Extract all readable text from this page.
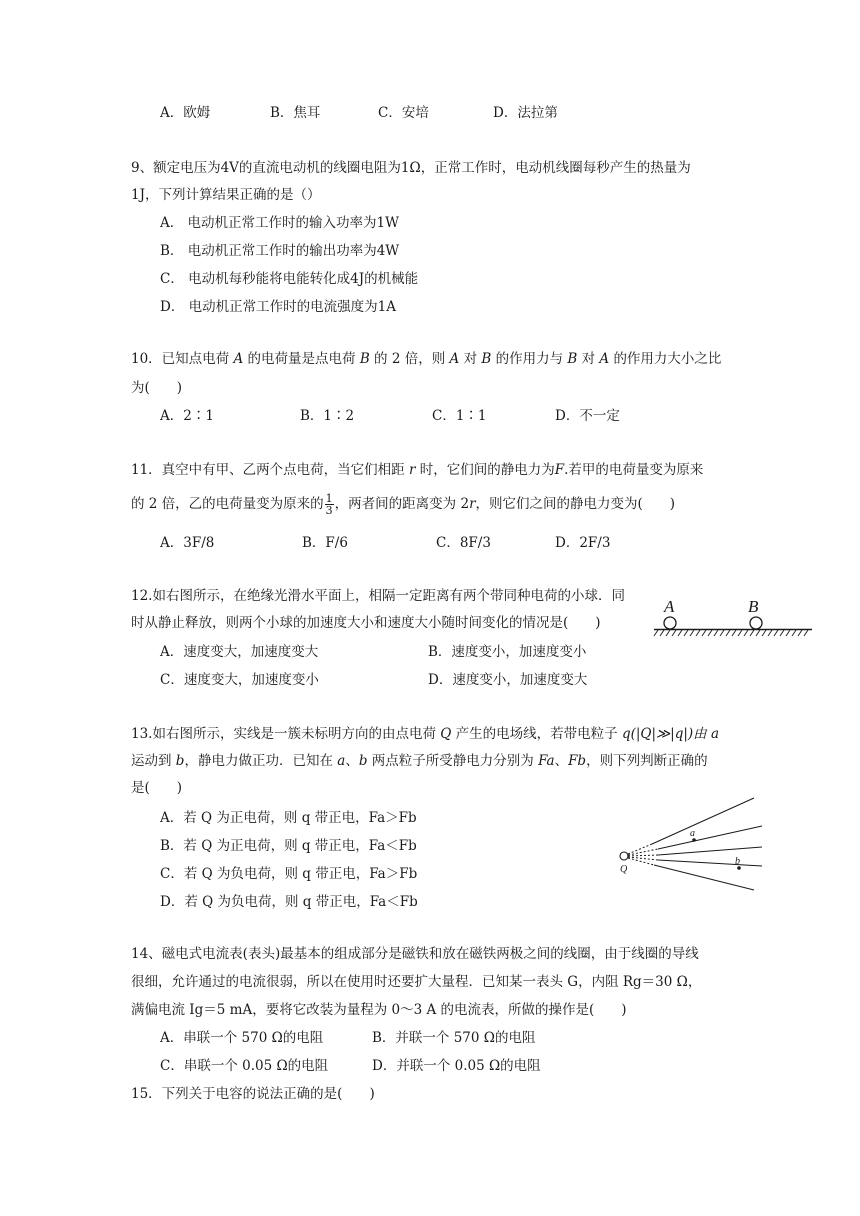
A．欧姆	B．焦耳	C．安培	D．法拉第
9、额定电压为4V的直流电动机的线圈电阻为1Ω，正常工作时，电动机线圈每秒产生的热量为
1J，下列计算结果正确的是（）
A． 电动机正常工作时的输入功率为1W
B． 电动机正常工作时的输出功率为4W
C． 电动机每秒能将电能转化成4J的机械能
D． 电动机正常工作时的电流强度为1A
10．已知点电荷 A 的电荷量是点电荷 B 的 2 倍，则 A 对 B 的作用力与 B 对 A 的作用力大小之比
为(　　)
A．2∶1	B．1∶2	C．1∶1	D．不一定
11．真空中有甲、乙两个点电荷，当它们相距 r 时，它们间的静电力为F.若甲的电荷量变为原来
的 2 倍，乙的电荷量变为原来的 $\frac{1}{3}$ ，两者间的距离变为 2r，则它们之间的静电力变为(　　)
A．3F/8	B．F/6	C．8F/3	D．2F/3
12.如右图所示，在绝缘光滑水平面上，相隔一定距离有两个带同种电荷的小球．同
时从静止释放，则两个小球的加速度大小和速度大小随时间变化的情况是(　　)
A．速度变大，加速度变大	B．速度变小，加速度变小
C．速度变大，加速度变小	D．速度变小，加速度变大
A	B
13.如右图所示，实线是一簇未标明方向的由点电荷 Q 产生的电场线，若带电粒子 q(|Q|≫|q|)由 a
运动到 b，静电力做正功．已知在 a、b 两点粒子所受静电力分别为 Fa、Fb，则下列判断正确的
是(　　)
A．若 Q 为正电荷，则 q 带正电，Fa＞Fb
B．若 Q 为正电荷，则 q 带正电，Fa＜Fb
C．若 Q 为负电荷，则 q 带正电，Fa＞Fb
D．若 Q 为负电荷，则 q 带正电，Fa＜Fb
a
b
Q
14、磁电式电流表(表头)最基本的组成部分是磁铁和放在磁铁两极之间的线圈，由于线圈的导线
很细，允许通过的电流很弱，所以在使用时还要扩大量程．已知某一表头 G，内阻 Rg＝30 Ω，
满偏电流 Ig＝5 mA，要将它改装为量程为 0～3 A 的电流表，所做的操作是(　　)
A．串联一个 570 Ω的电阻	B．并联一个 570 Ω的电阻
C．串联一个 0.05 Ω的电阻	D．并联一个 0.05 Ω的电阻
15．下列关于电容的说法正确的是(　　)
